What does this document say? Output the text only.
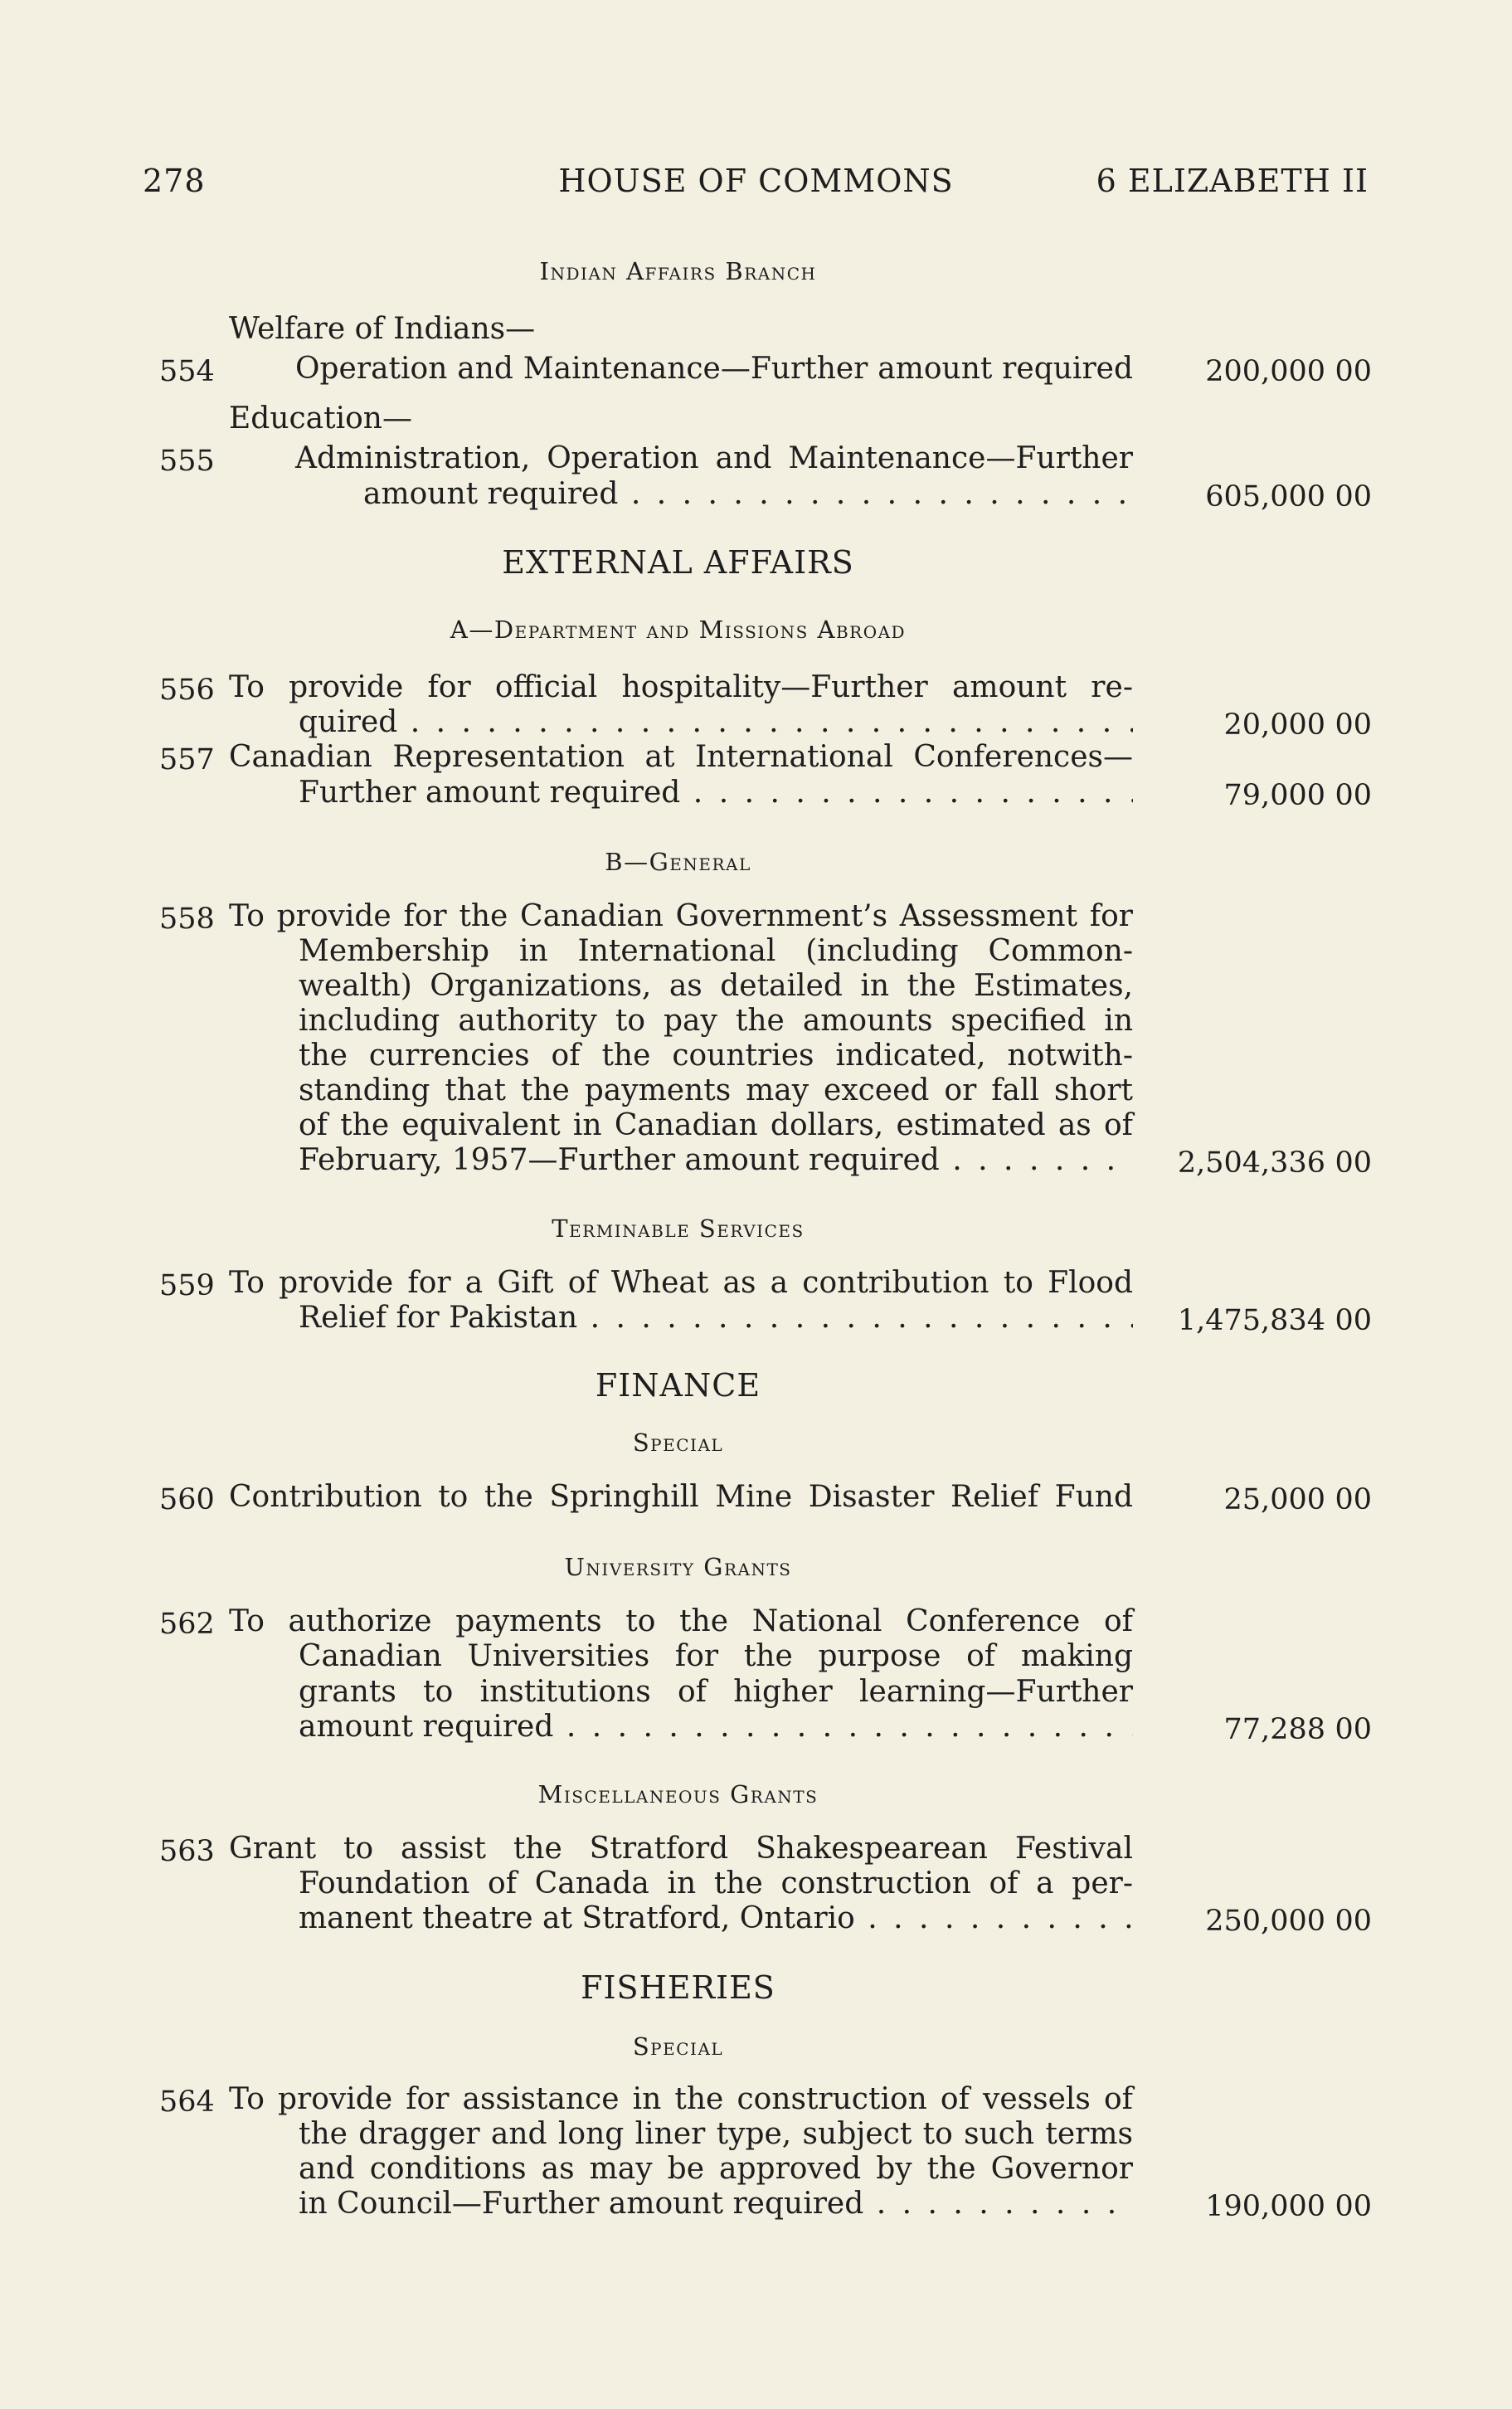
278	HOUSE OF COMMONS	6 ELIZABETH II
Indian Affairs Branch
Welfare of Indians—
554	Operation and Maintenance—Further amount required	200,000 00
Education—
555	Administration, Operation and Maintenance—Further
amount required . . .	605,000 00
EXTERNAL AFFAIRS
A—Department and Missions Abroad
556 To provide for official hospitality—Further amount re-
quired . . .	20,000 00
557 Canadian Representation at International Conferences—
Further amount required . . .	79,000 00
B—General
558 To provide for the Canadian Government’s Assessment for
Membership in International (including Common-
wealth) Organizations, as detailed in the Estimates,
including authority to pay the amounts specified in
the currencies of the countries indicated, notwith-
standing that the payments may exceed or fall short
of the equivalent in Canadian dollars, estimated as of
February, 1957—Further amount required . . .	2,504,336 00
Terminable Services
559 To provide for a Gift of Wheat as a contribution to Flood
Relief for Pakistan . . .	1,475,834 00
FINANCE
Special
560 Contribution to the Springhill Mine Disaster Relief Fund	25,000 00
University Grants
562 To authorize payments to the National Conference of
Canadian Universities for the purpose of making
grants to institutions of higher learning—Further
amount required . . .	77,288 00
Miscellaneous Grants
563 Grant to assist the Stratford Shakespearean Festival
Foundation of Canada in the construction of a per-
manent theatre at Stratford, Ontario . . .	250,000 00
FISHERIES
Special
564 To provide for assistance in the construction of vessels of
the dragger and long liner type, subject to such terms
and conditions as may be approved by the Governor
in Council—Further amount required . . .	190,000 00
